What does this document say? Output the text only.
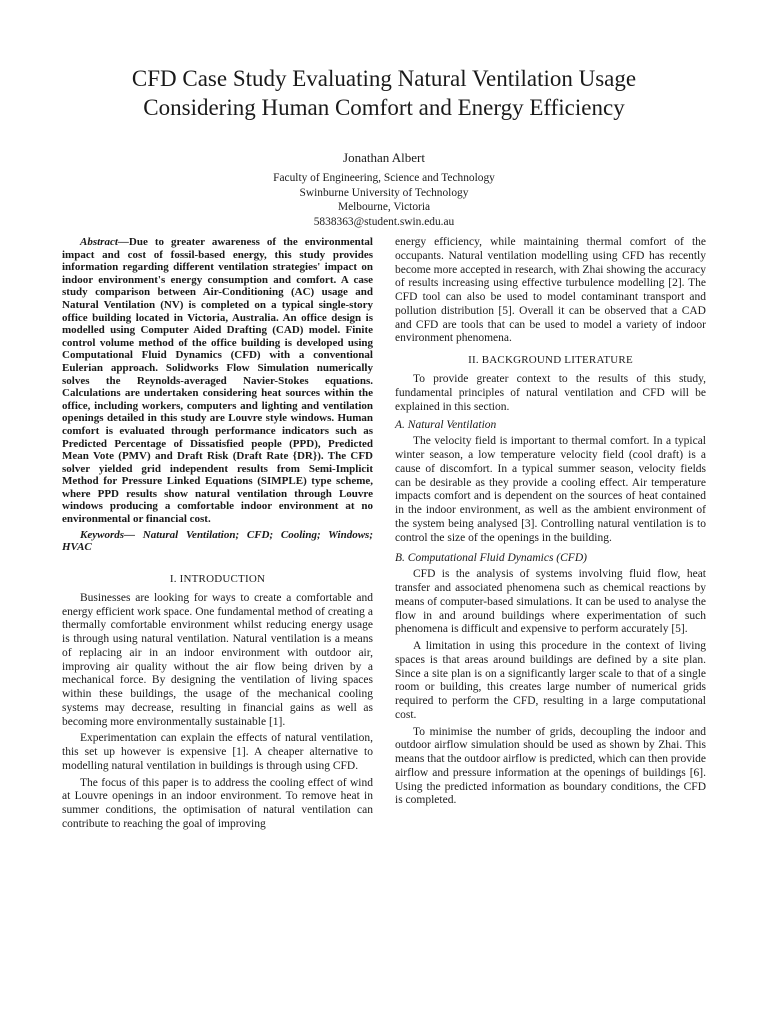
CFD Case Study Evaluating Natural Ventilation Usage
Considering Human Comfort and Energy Efficiency
Jonathan Albert
Faculty of Engineering, Science and Technology
Swinburne University of Technology
Melbourne, Victoria
5838363@student.swin.edu.au

Abstract—Due to greater awareness of the environmental impact and cost of fossil-based energy, this study provides information regarding different ventilation strategies' impact on indoor environment's energy consumption and comfort. A case study comparison between Air-Conditioning (AC) usage and Natural Ventilation (NV) is completed on a typical single-story office building located in Victoria, Australia. An office design is modelled using Computer Aided Drafting (CAD) model. Finite control volume method of the office building is developed using Computational Fluid Dynamics (CFD) with a conventional Eulerian approach. Solidworks Flow Simulation numerically solves the Reynolds-averaged Navier-Stokes equations. Calculations are undertaken considering heat sources within the office, including workers, computers and lighting and ventilation openings detailed in this study are Louvre style windows. Human comfort is evaluated through performance indicators such as Predicted Percentage of Dissatisfied people (PPD), Predicted Mean Vote (PMV) and Draft Risk (Draft Rate {DR}). The CFD solver yielded grid independent results from Semi-Implicit Method for Pressure Linked Equations (SIMPLE) type scheme, where PPD results show natural ventilation through Louvre windows producing a comfortable indoor environment at no environmental or financial cost.

Keywords— Natural Ventilation; CFD; Cooling; Windows; HVAC

I. INTRODUCTION

Businesses are looking for ways to create a comfortable and energy efficient work space. One fundamental method of creating a thermally comfortable environment whilst reducing energy usage is through using natural ventilation. Natural ventilation is a means of replacing air in an indoor environment with outdoor air, improving air quality without the air flow being driven by a mechanical force. By designing the ventilation of living spaces within these buildings, the usage of the mechanical cooling systems may decrease, resulting in financial gains as well as becoming more environmentally sustainable [1].

Experimentation can explain the effects of natural ventilation, this set up however is expensive [1]. A cheaper alternative to modelling natural ventilation in buildings is through using CFD.

The focus of this paper is to address the cooling effect of wind at Louvre openings in an indoor environment. To remove heat in summer conditions, the optimisation of natural ventilation can contribute to reaching the goal of improving

energy efficiency, while maintaining thermal comfort of the occupants. Natural ventilation modelling using CFD has recently become more accepted in research, with Zhai showing the accuracy of results increasing using effective turbulence modelling [2]. The CFD tool can also be used to model contaminant transport and pollution distribution [5]. Overall it can be observed that a CAD and CFD are tools that can be used to model a variety of indoor environment phenomena.

II. BACKGROUND LITERATURE

To provide greater context to the results of this study, fundamental principles of natural ventilation and CFD will be explained in this section.

A. Natural Ventilation

The velocity field is important to thermal comfort. In a typical winter season, a low temperature velocity field (cool draft) is a cause of discomfort. In a typical summer season, velocity fields can be desirable as they provide a cooling effect. Air temperature impacts comfort and is dependent on the sources of heat contained in the indoor environment, as well as the ambient environment of the system being analysed [3]. Controlling natural ventilation is to control the size of the openings in the building.

B. Computational Fluid Dynamics (CFD)

CFD is the analysis of systems involving fluid flow, heat transfer and associated phenomena such as chemical reactions by means of computer-based simulations. It can be used to analyse the flow in and around buildings where experimentation of such phenomena is difficult and expensive to perform accurately [5].

A limitation in using this procedure in the context of living spaces is that areas around buildings are defined by a site plan. Since a site plan is on a significantly larger scale to that of a single room or building, this creates large number of numerical grids required to perform the CFD, resulting in a large computational cost.

To minimise the number of grids, decoupling the indoor and outdoor airflow simulation should be used as shown by Zhai. This means that the outdoor airflow is predicted, which can then provide airflow and pressure information at the openings of buildings [6]. Using the predicted information as boundary conditions, the CFD is completed.
